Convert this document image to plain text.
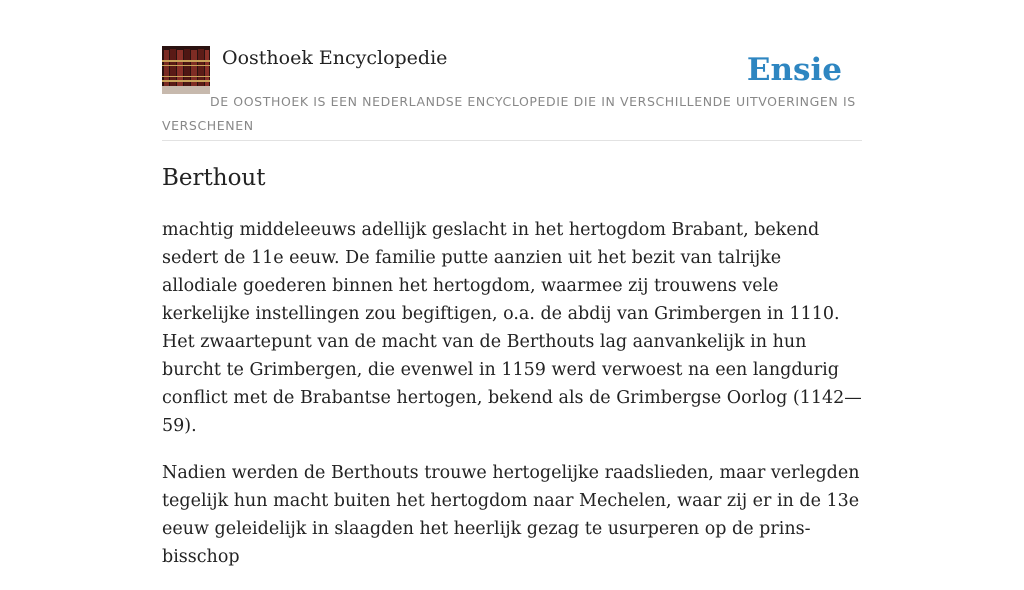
Oosthoek Encyclopedie	Ensie
DE OOSTHOEK IS EEN NEDERLANDSE ENCYCLOPEDIE DIE IN VERSCHILLENDE UITVOERINGEN IS VERSCHENEN
Berthout

machtig middeleeuws adellijk geslacht in het hertogdom Brabant, bekend sedert de 11e eeuw. De familie putte aanzien uit het bezit van talrijke allodiale goederen binnen het hertogdom, waarmee zij trouwens vele kerkelijke instellingen zou begiftigen, o.a. de abdij van Grimbergen in 1110. Het zwaartepunt van de macht van de Berthouts lag aanvankelijk in hun burcht te Grimbergen, die evenwel in 1159 werd verwoest na een langdurig conflict met de Brabantse hertogen, bekend als de Grimbergse Oorlog (1142—59).

Nadien werden de Berthouts trouwe hertogelijke raadslieden, maar verlegden tegelijk hun macht buiten het hertogdom naar Mechelen, waar zij er in de 13e eeuw geleidelijk in slaagden het heerlijk gezag te usurperen op de prins-bisschop
